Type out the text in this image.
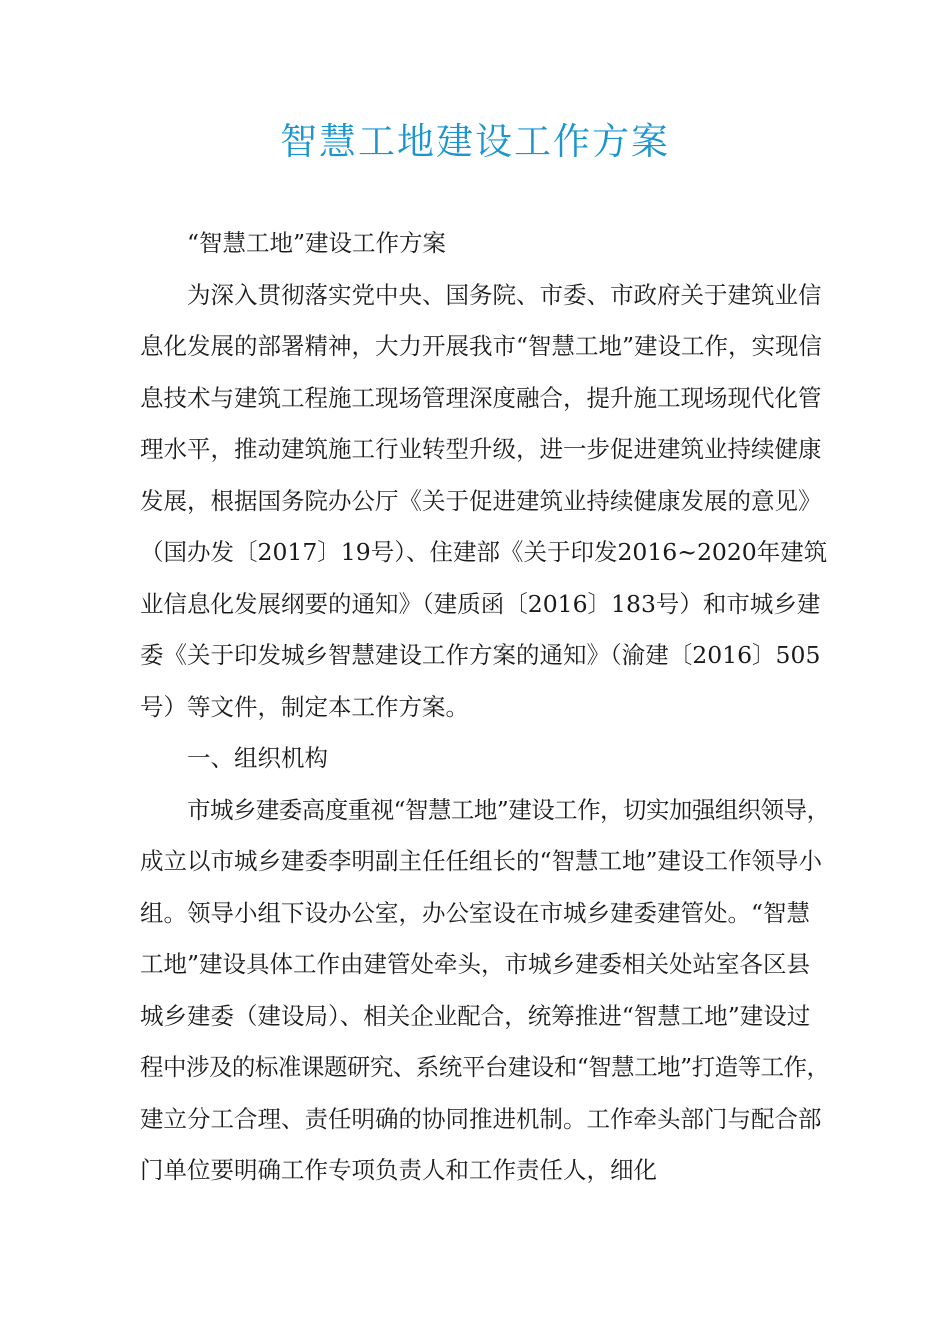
智慧工地建设工作方案
“智慧工地”建设工作方案
为深入贯彻落实党中央、国务院、市委、市政府关于建筑业信
息化发展的部署精神，大力开展我市“智慧工地”建设工作，实现信
息技术与建筑工程施工现场管理深度融合，提升施工现场现代化管
理水平，推动建筑施工行业转型升级，进一步促进建筑业持续健康
发展，根据国务院办公厅《关于促进建筑业持续健康发展的意见》
（国办发〔2017〕19号）、住建部《关于印发2016~2020年建筑
业信息化发展纲要的通知》（建质函〔2016〕183号）和市城乡建
委《关于印发城乡智慧建设工作方案的通知》（渝建〔2016〕505
号）等文件，制定本工作方案。
一、组织机构
市城乡建委高度重视“智慧工地”建设工作，切实加强组织领导，
成立以市城乡建委李明副主任任组长的“智慧工地”建设工作领导小
组。领导小组下设办公室，办公室设在市城乡建委建管处。“智慧
工地”建设具体工作由建管处牵头，市城乡建委相关处站室各区县
城乡建委（建设局）、相关企业配合，统筹推进“智慧工地”建设过
程中涉及的标准课题研究、系统平台建设和“智慧工地”打造等工作，
建立分工合理、责任明确的协同推进机制。工作牵头部门与配合部
门单位要明确工作专项负责人和工作责任人，细化
